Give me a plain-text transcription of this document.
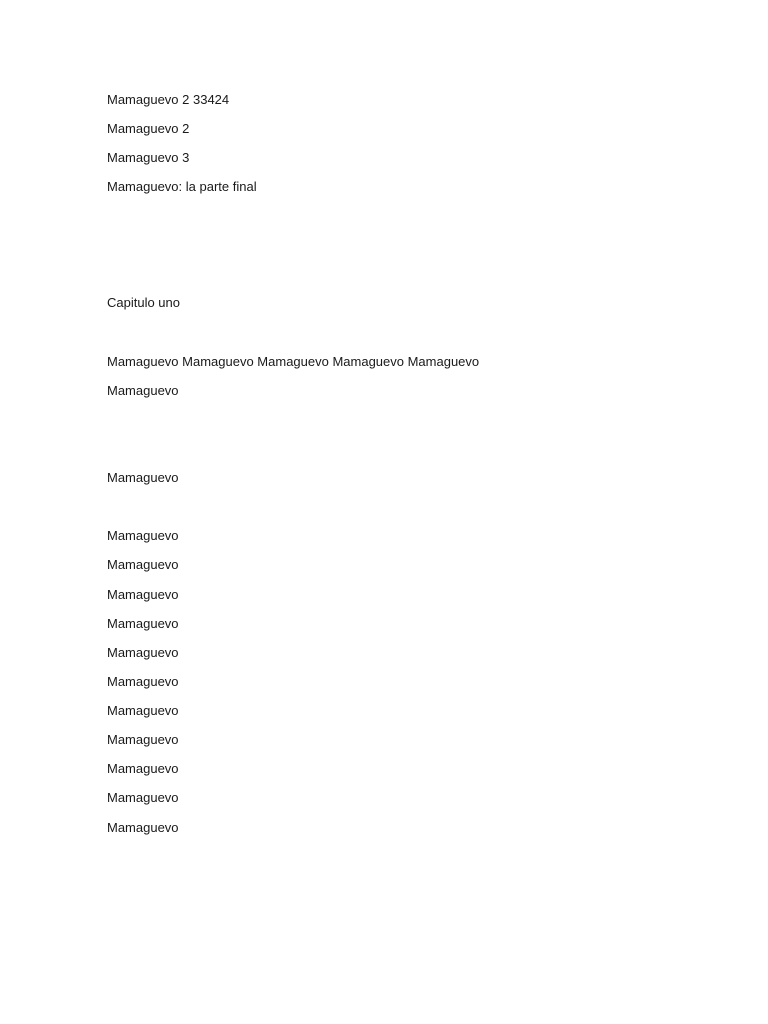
Mamaguevo 2 33424

Mamaguevo 2

Mamaguevo 3

Mamaguevo: la parte final

Capitulo uno

Mamaguevo Mamaguevo Mamaguevo Mamaguevo Mamaguevo

Mamaguevo

Mamaguevo

Mamaguevo

Mamaguevo

Mamaguevo

Mamaguevo

Mamaguevo

Mamaguevo

Mamaguevo

Mamaguevo

Mamaguevo

Mamaguevo

Mamaguevo
